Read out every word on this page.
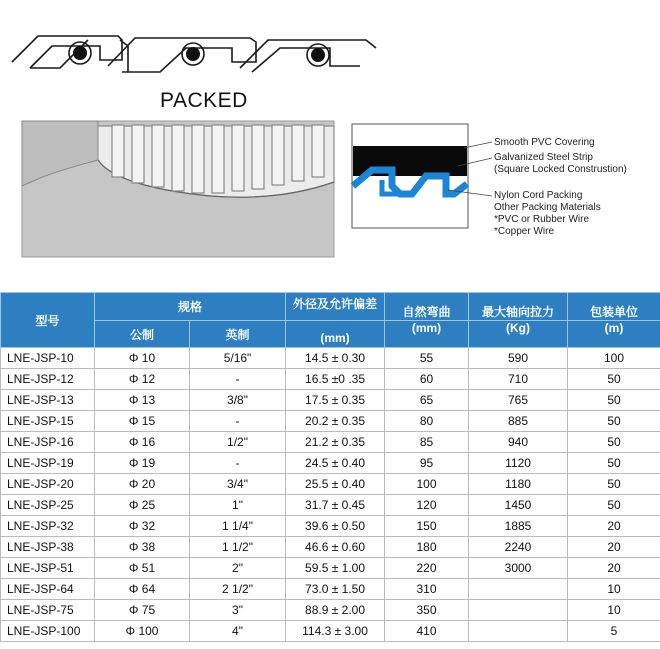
PACKED
Smooth PVC Covering
Galvanized Steel Strip
(Square Locked Construstion)
Nylon Cord Packing
Other Packing Materials
*PVC or Rubber Wire
*Copper Wire
型号	规格		外径及允许偏差	自然弯曲	最大轴向拉力	包装单位
	公制	英制	(mm)	(mm)	(Kg)	(m)
LNE-JSP-10	Φ 10	5/16"	14.5 ± 0.30	55	590	100
LNE-JSP-12	Φ 12	-	16.5 ±0 .35	60	710	50
LNE-JSP-13	Φ 13	3/8"	17.5 ± 0.35	65	765	50
LNE-JSP-15	Φ 15	-	20.2 ± 0.35	80	885	50
LNE-JSP-16	Φ 16	1/2"	21.2 ± 0.35	85	940	50
LNE-JSP-19	Φ 19	-	24.5 ± 0.40	95	1120	50
LNE-JSP-20	Φ 20	3/4"	25.5 ± 0.40	100	1180	50
LNE-JSP-25	Φ 25	1"	31.7 ± 0.45	120	1450	50
LNE-JSP-32	Φ 32	1 1/4"	39.6 ± 0.50	150	1885	20
LNE-JSP-38	Φ 38	1 1/2"	46.6 ± 0.60	180	2240	20
LNE-JSP-51	Φ 51	2"	59.5 ± 1.00	220	3000	20
LNE-JSP-64	Φ 64	2 1/2"	73.0 ± 1.50	310		10
LNE-JSP-75	Φ 75	3"	88.9 ± 2.00	350		10
LNE-JSP-100	Φ 100	4"	114.3 ± 3.00	410		5
